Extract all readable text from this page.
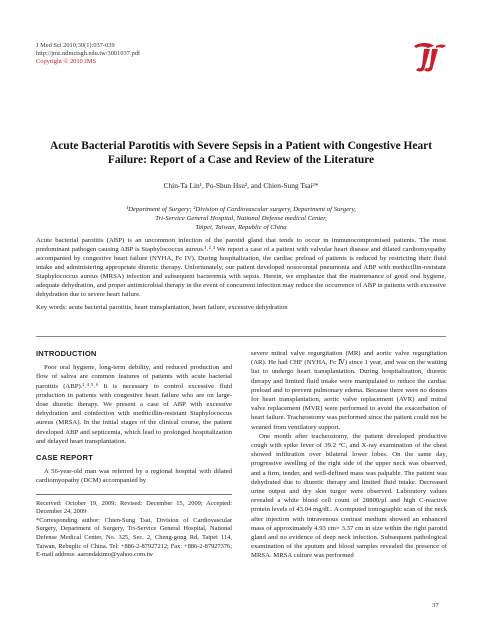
J Med Sci 2010;30(1):037-039
http://jms.ndmctsgh.edu.tw/3001037.pdf
Copyright © 2010 JMS
Acute Bacterial Parotitis with Severe Sepsis in a Patient with Congestive Heart
Failure: Report of a Case and Review of the Literature
Chin-Ta Lin¹, Po-Shun Hsu², and Chien-Sung Tsai²*
¹Department of Surgery; ²Division of Cardiovascular surgery, Department of Surgery,
Tri-Service General Hospital, National Defense medical Center,
Taipei, Taiwan, Republic of China

Acute bacterial parotitis (ABP) is an uncommon infection of the parotid gland that tends to occur in immunocompromised patients. The most predominant pathogen causing ABP is Staphylococcus aureus.¹˒²˒³ We report a case of a patient with valvular heart disease and dilated cardiomyopathy accompanied by congestive heart failure (NYHA, Fc IV). During hospitalization, the cardiac preload of patients is reduced by restricting their fluid intake and administering appropriate diuretic therapy. Unfortunately, our patient developed nosocomial pneumonia and ABP with methicillin-resistant Staphylococcus aureus (MRSA) infection and subsequent bacteremia with sepsis. Herein, we emphasize that the maintenance of good oral hygiene, adequate dehydration, and proper antimicrobial therapy in the event of concurrent infection may reduce the occurrence of ABP in patients with excessive dehydration due to severe heart failure.

Key words: acute bacterial parotitis, heart transplantation, heart failure, excessive dehydration

INTRODUCTION

Poor oral hygiene, long-term debility, and reduced production and flow of saliva are common features of patients with acute bacterial parotitis (ABP).²˒⁴˒⁵˒⁶ It is necessary to control excessive fluid production in patients with congestive heart failure who are on large-dose diuretic therapy. We present a case of ABP with excessive dehydration and coinfection with methicillin-resistant Staphylococcus aureus (MRSA). In the initial stages of the clinical course, the patient developed ABP and septicemia, which lead to prolonged hospitalization and delayed heart transplantation.

CASE REPORT

A 56-year-old man was referred by a regional hospital with dilated cardiomyopathy (DCM) accompanied by

Received: October 19, 2009; Revised: December 15, 2009; Accepted: December 24, 2009

*Corresponding author: Chien-Sung Tsai, Division of Cardiovascular Surgery, Department of Surgery, Tri-Service General Hospital, National Defense Medical Center, No. 325, Sec. 2, Cheng-gong Rd, Taipei 114, Taiwan, Rebuplic of China. Tel: +886-2-87927212; Fax: +886-2-87927376; E-mail address: aarondakimo@yahoo.com.tw

severe mitral valve regurgitation (MR) and aortic valve regurgitation (AR). He had CHF (NYHA, Fc Ⅳ) since 1 year, and was on the waiting list to undergo heart transplantation. During hospitalization, diuretic therapy and limited fluid intake were manipulated to reduce the cardiac preload and to prevent pulmonary edema. Because there were no donors for heart transplantation, aortic valve replacement (AVR) and mitral valve replacement (MVR) were performed to avoid the exacerbation of heart failure. Tracheostomy was performed since the patient could not be weaned from ventilatory support.

One month after tracheostomy, the patient developed productive cough with spike fever of 39.2 °C, and X-ray examination of the chest showed infiltration over bilateral lower lobes. On the same day, progressive swelling of the right side of the upper neck was observed, and a firm, tender, and well-defined mass was palpable. The patient was dehydrated due to diuretic therapy and limited fluid intake. Decreased urine output and dry skin turgor were observed. Laboratory values revealed a white blood cell count of 28800/μl and high C-reactive protein levels of 43.04 mg/dL. A computed tomographic scan of the neck after injection with intravenous contrast medium showed an enhanced mass of approximately 4.93 cm× 3.37 cm in size within the right parotid gland and no evidence of deep neck infection. Subsequent pathological examination of the sputum and blood samples revealed the presence of MRSA. MRSA culture was performed

37
